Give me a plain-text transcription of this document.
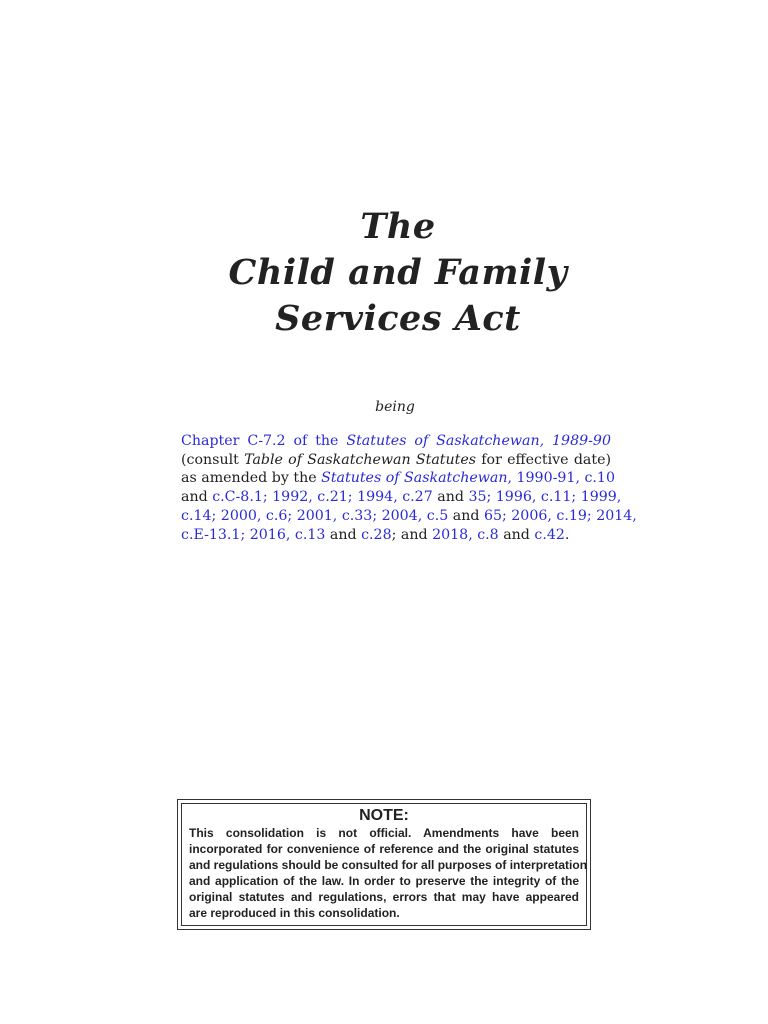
The
Child and Family
Services Act
being
Chapter C-7.2 of the Statutes of Saskatchewan, 1989-90
(consult Table of Saskatchewan Statutes for effective date)
as amended by the Statutes of Saskatchewan, 1990-91, c.10
and c.C-8.1; 1992, c.21; 1994, c.27 and 35; 1996, c.11; 1999,
c.14; 2000, c.6; 2001, c.33; 2004, c.5 and 65; 2006, c.19; 2014,
c.E-13.1; 2016, c.13 and c.28; and 2018, c.8 and c.42.
NOTE:
This consolidation is not official. Amendments have been
incorporated for convenience of reference and the original statutes
and regulations should be consulted for all purposes of interpretation
and application of the law. In order to preserve the integrity of the
original statutes and regulations, errors that may have appeared
are reproduced in this consolidation.
